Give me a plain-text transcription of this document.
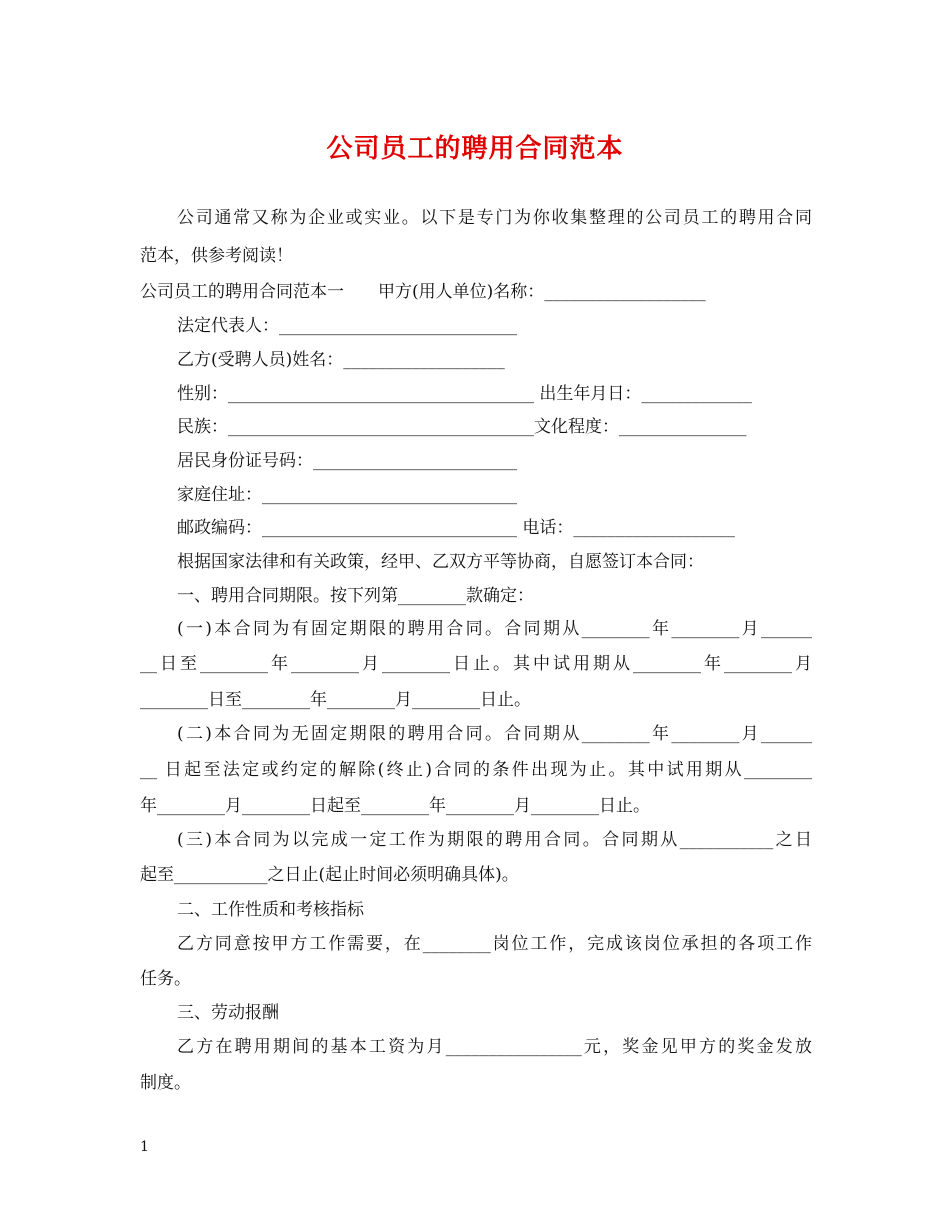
公司员工的聘用合同范本
公司通常又称为企业或实业。以下是专门为你收集整理的公司员工的聘用合同
范本，供参考阅读！
公司员工的聘用合同范本一　　甲方(用人单位)名称：___________________
法定代表人：____________________________
乙方(受聘人员)姓名：___________________
性别：____________________________________ 出生年月日：_____________
民族：____________________________________文化程度：_______________
居民身份证号码：________________________
家庭住址：______________________________
邮政编码：______________________________ 电话：___________________
根据国家法律和有关政策，经甲、乙双方平等协商，自愿签订本合同：
一、聘用合同期限。按下列第________款确定：
(一)本合同为有固定期限的聘用合同。合同期从________年________月______
__日至________年________月________日止。其中试用期从________年________月
________日至________年________月________日止。
(二)本合同为无固定期限的聘用合同。合同期从________年________月______
__ 日起至法定或约定的解除(终止)合同的条件出现为止。其中试用期从________
年________月________日起至________年________月________日止。
(三)本合同为以完成一定工作为期限的聘用合同。合同期从___________之日
起至___________之日止(起止时间必须明确具体)。
二、工作性质和考核指标
乙方同意按甲方工作需要，在________岗位工作，完成该岗位承担的各项工作
任务。
三、劳动报酬
乙方在聘用期间的基本工资为月________________元，奖金见甲方的奖金发放
制度。
1
